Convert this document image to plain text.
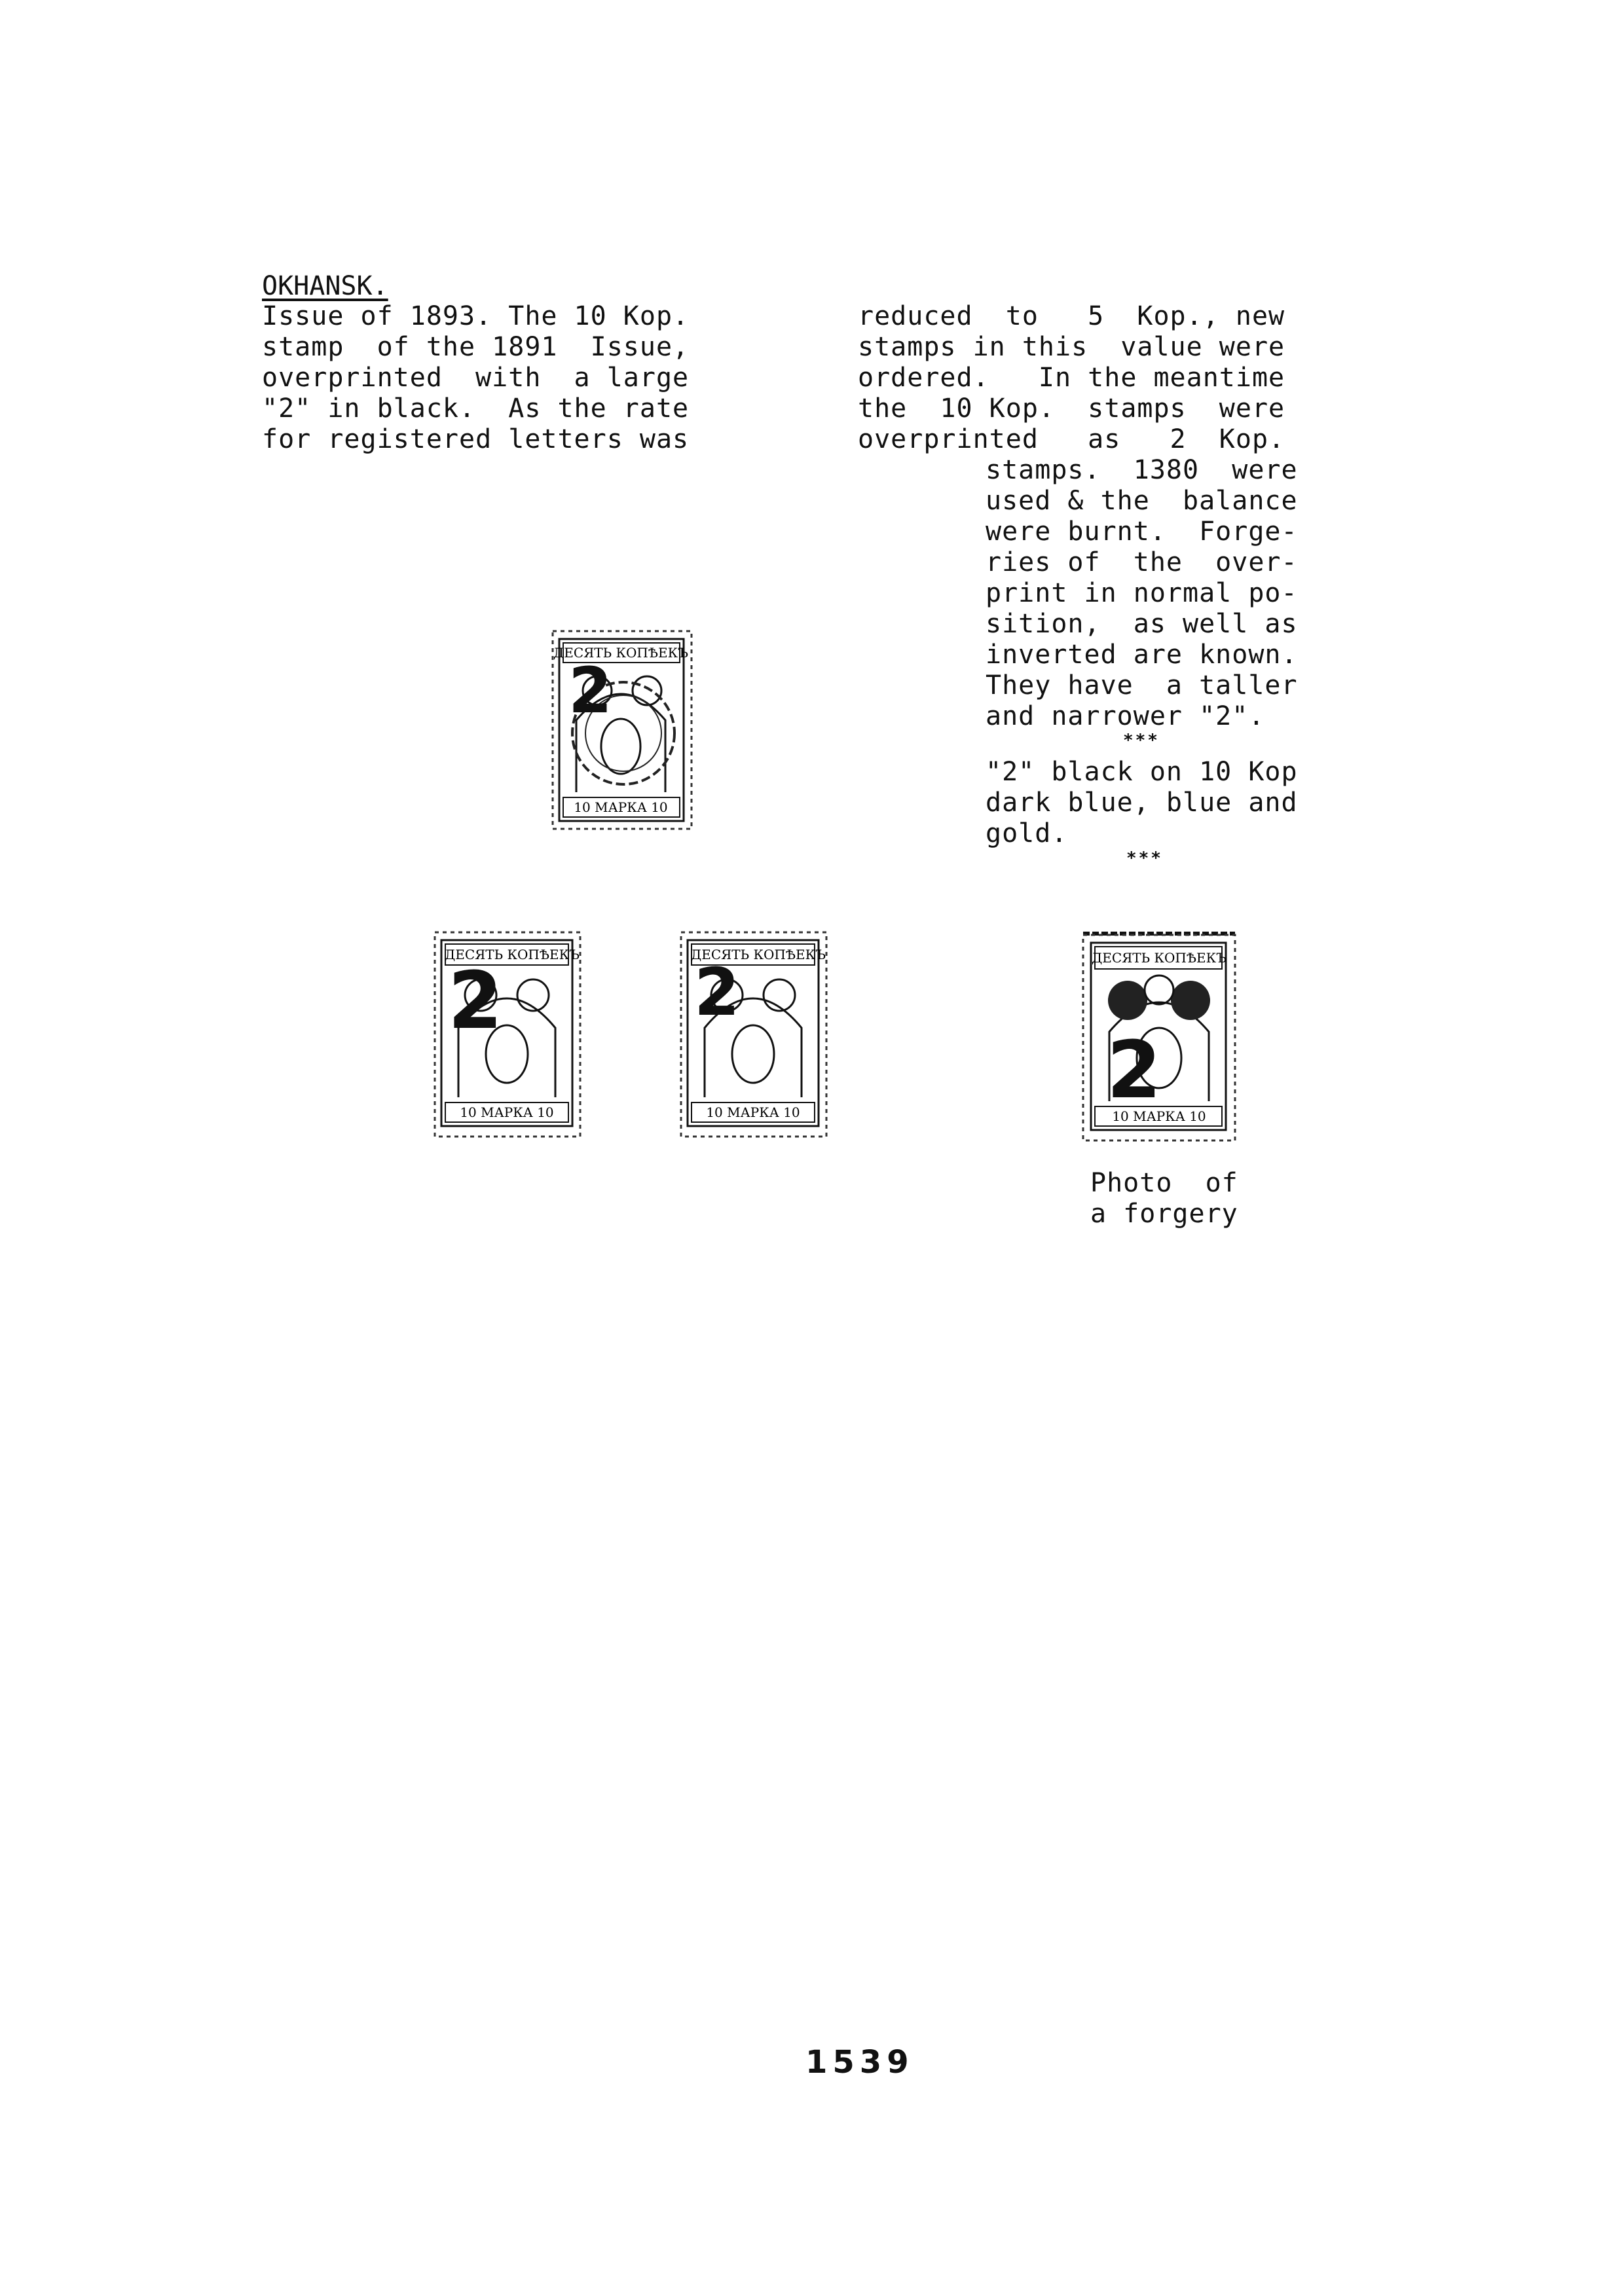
OKHANSK.
Issue of 1893. The 10 Kop.
stamp  of the 1891  Issue,
overprinted  with  a large
"2" in black.  As the rate
for registered letters was
reduced  to   5  Kop., new
stamps in this  value were
ordered.   In the meantime
the  10 Kop.  stamps  were
overprinted   as   2  Kop.
stamps.  1380  were
used & the  balance
were burnt.  Forge-
ries of  the  over-
print in normal po-
sition,  as well as
inverted are known.
They have  a taller
and narrower "2".
***
"2" black on 10 Kop
dark blue, blue and
gold.
***
ДЕСЯТЬ КОПѢЕКЪ
10 МАРКА 10
2
ДЕСЯТЬ КОПѢЕКЪ
10 МАРКА 10
2
ДЕСЯТЬ КОПѢЕКЪ
10 МАРКА 10
2	ДЕСЯТЬ КОПѢЕКЪ
10 МАРКА 10
2
Photo  of
a forgery
1539
